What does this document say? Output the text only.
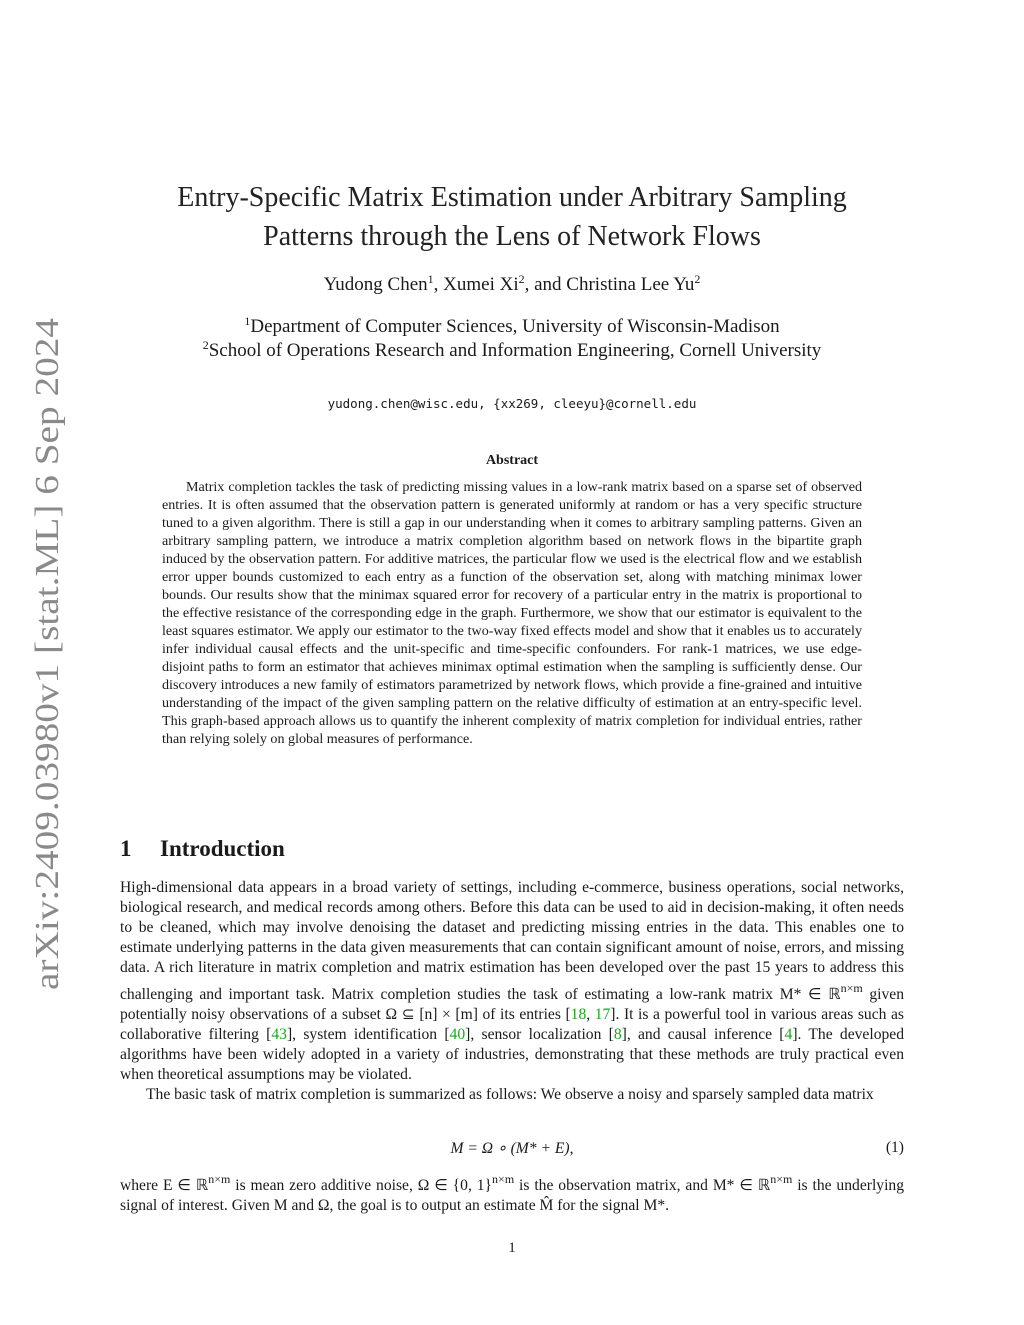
arXiv:2409.03980v1 [stat.ML] 6 Sep 2024
Entry-Specific Matrix Estimation under Arbitrary Sampling
Patterns through the Lens of Network Flows
Yudong Chen$^1$, Xumei Xi$^2$, and Christina Lee Yu$^2$
$^1$Department of Computer Sciences, University of Wisconsin-Madison
$^2$School of Operations Research and Information Engineering, Cornell University
yudong.chen@wisc.edu, {xx269, cleeyu}@cornell.edu
Abstract
Matrix completion tackles the task of predicting missing values in a low-rank matrix based on a sparse set of observed entries. It is often assumed that the observation pattern is generated uniformly at random or has a very specific structure tuned to a given algorithm. There is still a gap in our understanding when it comes to arbitrary sampling patterns. Given an arbitrary sampling pattern, we introduce a matrix completion algorithm based on network flows in the bipartite graph induced by the observation pattern. For additive matrices, the particular flow we used is the electrical flow and we establish error upper bounds customized to each entry as a function of the observation set, along with matching minimax lower bounds. Our results show that the minimax squared error for recovery of a particular entry in the matrix is proportional to the effective resistance of the corresponding edge in the graph. Furthermore, we show that our estimator is equivalent to the least squares estimator. We apply our estimator to the two-way fixed effects model and show that it enables us to accurately infer individual causal effects and the unit-specific and time-specific confounders. For rank-1 matrices, we use edge-disjoint paths to form an estimator that achieves minimax optimal estimation when the sampling is sufficiently dense. Our discovery introduces a new family of estimators parametrized by network flows, which provide a fine-grained and intuitive understanding of the impact of the given sampling pattern on the relative difficulty of estimation at an entry-specific level. This graph-based approach allows us to quantify the inherent complexity of matrix completion for individual entries, rather than relying solely on global measures of performance.
1 Introduction

High-dimensional data appears in a broad variety of settings, including e-commerce, business operations, social networks, biological research, and medical records among others. Before this data can be used to aid in decision-making, it often needs to be cleaned, which may involve denoising the dataset and predicting missing entries in the data. This enables one to estimate underlying patterns in the data given measurements that can contain significant amount of noise, errors, and missing data. A rich literature in matrix completion and matrix estimation has been developed over the past 15 years to address this challenging and important task. Matrix completion studies the task of estimating a low-rank matrix M* ∈ ℝ$^{n\times m}$ given potentially noisy observations of a subset Ω ⊆ [n] × [m] of its entries [18, 17]. It is a powerful tool in various areas such as collaborative filtering [43], system identification [40], sensor localization [8], and causal inference [4]. The developed algorithms have been widely adopted in a variety of industries, demonstrating that these methods are truly practical even when theoretical assumptions may be violated.

The basic task of matrix completion is summarized as follows: We observe a noisy and sparsely sampled data matrix

M = Ω ∘ (M* + E),	(1)
where E ∈ ℝ$^{n\times m}$ is mean zero additive noise, Ω ∈ {0, 1}$^{n\times m}$ is the observation matrix, and M* ∈ ℝ$^{n\times m}$ is the underlying signal of interest. Given M and Ω, the goal is to output an estimate M̂ for the signal M*.
1
